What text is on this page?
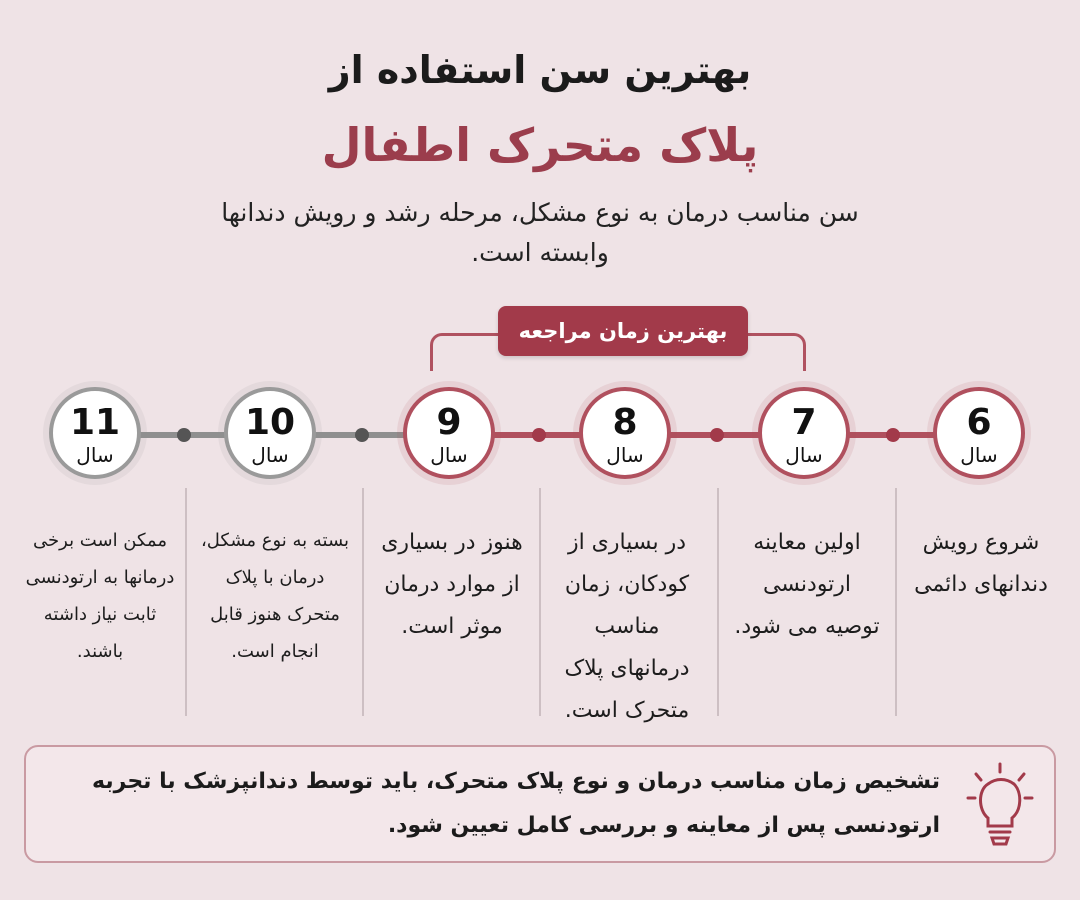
بهترین سن استفاده از
پلاک متحرک اطفال
سن مناسب درمان به نوع مشکل، مرحله رشد و رویش دندانها وابسته است.
بهترین زمان مراجعه
6
سال
7
سال
8
سال
9
سال
10
سال
11
سال
شروع رویش دندانهای دائمی
اولین معاینه ارتودنسی توصیه می شود.
در بسیاری از کودکان، زمان مناسب درمانهای پلاک متحرک است.
هنوز در بسیاری از موارد درمان موثر است.
بسته به نوع مشکل، درمان با پلاک متحرک هنوز قابل انجام است.
ممکن است برخی درمانها به ارتودنسی ثابت نیاز داشته باشند.
تشخیص زمان مناسب درمان و نوع پلاک متحرک، باید توسط دندانپزشک با تجربه ارتودنسی پس از معاینه و بررسی کامل تعیین شود.
